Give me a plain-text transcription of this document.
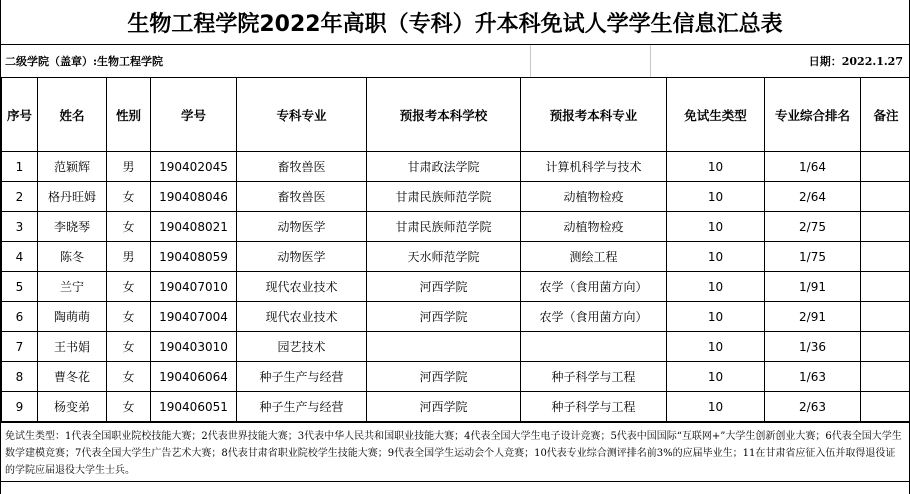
生物工程学院2022年高职（专科）升本科免试人学学生信息汇总表
二级学院（盖章）:生物工程学院	日期：2022.1.27
序号	姓名	性别	学号	专科专业	预报考本科学校	预报考本科专业	免试生类型	专业综合排名	备注
1	范颖辉	男	190402045	畜牧兽医	甘肃政法学院	计算机科学与技术	10	1/64	
2	格丹旺姆	女	190408046	畜牧兽医	甘肃民族师范学院	动植物检疫	10	2/64	
3	李晓琴	女	190408021	动物医学	甘肃民族师范学院	动植物检疫	10	2/75	
4	陈冬	男	190408059	动物医学	天水师范学院	测绘工程	10	1/75	
5	兰宁	女	190407010	现代农业技术	河西学院	农学（食用菌方向）	10	1/91	
6	陶萌萌	女	190407004	现代农业技术	河西学院	农学（食用菌方向）	10	2/91	
7	王书娟	女	190403010	园艺技术			10	1/36	
8	曹冬花	女	190406064	种子生产与经营	河西学院	种子科学与工程	10	1/63	
9	杨变弟	女	190406051	种子生产与经营	河西学院	种子科学与工程	10	2/63	
免试生类型：1代表全国职业院校技能大赛；2代表世界技能大赛；3代表中华人民共和国职业技能大赛；4代表全国大学生电子设计竞赛；5代表中国国际“互联网+”大学生创新创业大赛；6代表全国大学生数学建模竞赛；7代表全国大学生广告艺术大赛；8代表甘肃省职业院校学生技能大赛；9代表全国学生运动会个人竞赛；10代表专业综合测评排名前3%的应届毕业生；11在甘肃省应征入伍并取得退役证的学院应届退役大学生士兵。
